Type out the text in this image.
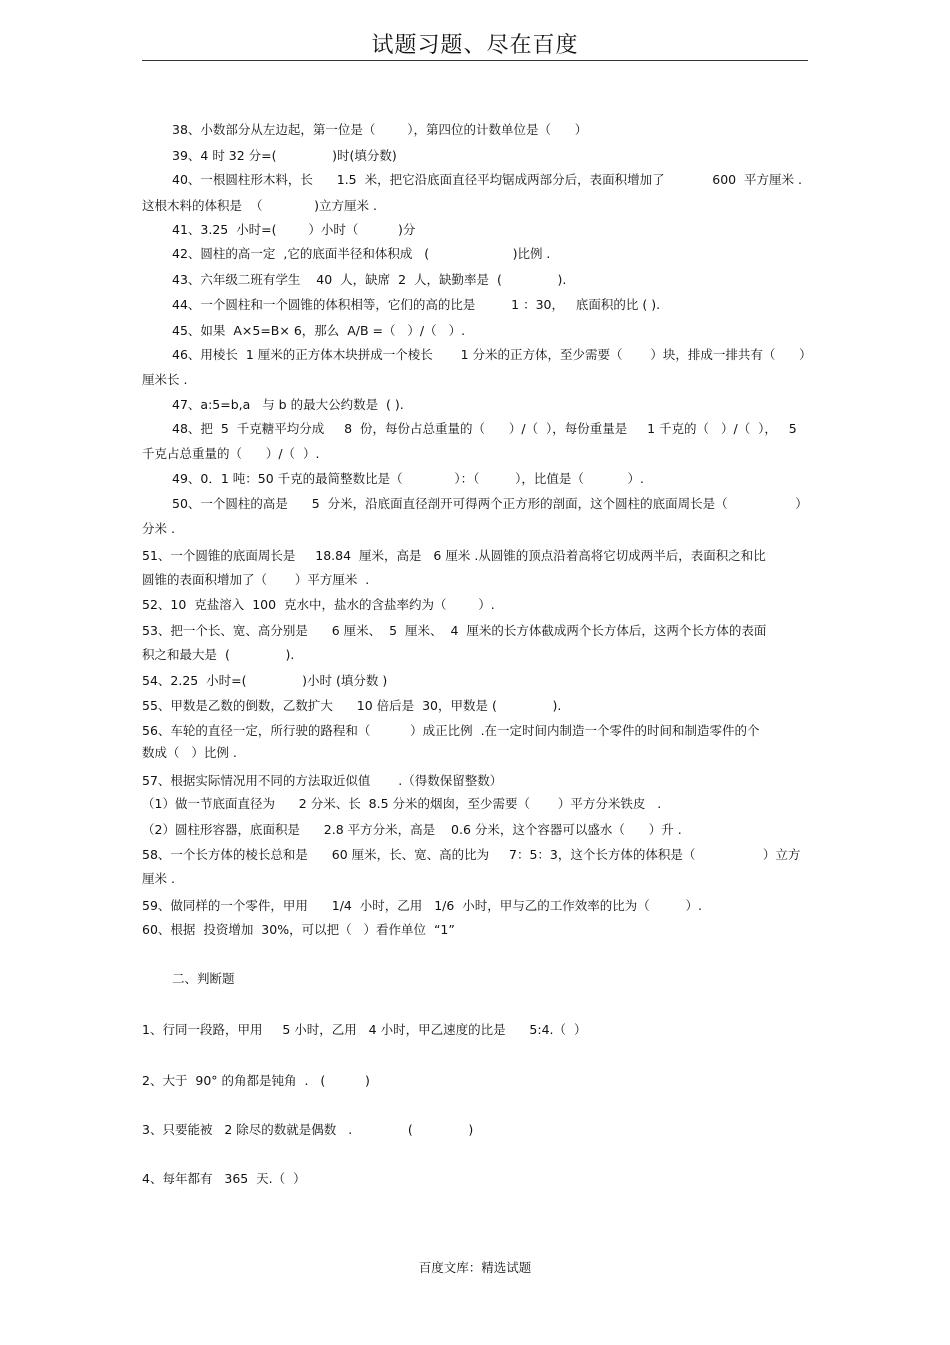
试题习题、尽在百度
38、小数部分从左边起，第一位是（        ），第四位的计数单位是（      ）
39、4 时 32 分=(              )时(填分数)
40、一根圆柱形木料，长      1.5  米，把它沿底面直径平均锯成两部分后，表面积增加了            600  平方厘米 .
这根木料的体积是  （             )立方厘米 .
41、3.25  小时=(        ）小时（          )分
42、圆柱的高一定  ,它的底面半径和体积成   (                     )比例 .
43、六年级二班有学生    40  人，缺席  2  人，缺勤率是  (              ).
44、一个圆柱和一个圆锥的体积相等，它们的高的比是         1 ：30，   底面积的比 ( ).
45、如果  A×5=B× 6，那么  A/B =（   ）/（   ）.
46、用棱长  1 厘米的正方体木块拼成一个棱长       1 分米的正方体，至少需要（       ）块，排成一排共有（      ）
厘米长 .
47、a:5=b,a   与 b 的最大公约数是  ( ).
48、把  5  千克糖平均分成     8  份，每份占总重量的（      ）/（  ），每份重量是     1 千克的（   ）/（  ），   5
千克占总重量的（      ）/（  ）.
49、0．1 吨：50 千克的最简整数比是（             ）：（         ），比值是（           ）.
50、一个圆柱的高是      5  分米，沿底面直径剖开可得两个正方形的剖面，这个圆柱的底面周长是（                 ）
分米 .
51、一个圆锥的底面周长是     18.84  厘米，高是   6 厘米 .从圆锥的顶点沿着高将它切成两半后，表面积之和比
圆锥的表面积增加了（       ）平方厘米  .
52、10  克盐溶入  100  克水中，盐水的含盐率约为（        ）.
53、把一个长、宽、高分别是      6 厘米、  5  厘米、  4  厘米的长方体截成两个长方体后，这两个长方体的表面
积之和最大是  (              ).
54、2.25  小时=(              )小时 (填分数 )
55、甲数是乙数的倒数，乙数扩大      10 倍后是  30，甲数是 (              ).
56、车轮的直径一定，所行驶的路程和（          ）成正比例  .在一定时间内制造一个零件的时间和制造零件的个
数成（   ）比例 .
57、根据实际情况用不同的方法取近似值       .（得数保留整数）
（1）做一节底面直径为      2 分米、长  8.5 分米的烟囱，至少需要（       ）平方分米铁皮   .
（2）圆柱形容器，底面积是      2.8 平方分米，高是    0.6 分米，这个容器可以盛水（      ）升 .
58、一个长方体的棱长总和是      60 厘米，长、宽、高的比为     7：5：3，这个长方体的体积是（                 ）立方
厘米 .
59、做同样的一个零件，甲用      1/4  小时，乙用   1/6  小时，甲与乙的工作效率的比为（         ）.
60、根据  投资增加  30%，可以把（   ）看作单位  “1”
二、判断题
1、行同一段路，甲用     5 小时，乙用   4 小时，甲乙速度的比是      5:4.（  ）
2、大于  90° 的角都是钝角  .   (          )
3、只要能被   2 除尽的数就是偶数   .              (              )
4、每年都有   365  天.（  ）
百度文库：精选试题
